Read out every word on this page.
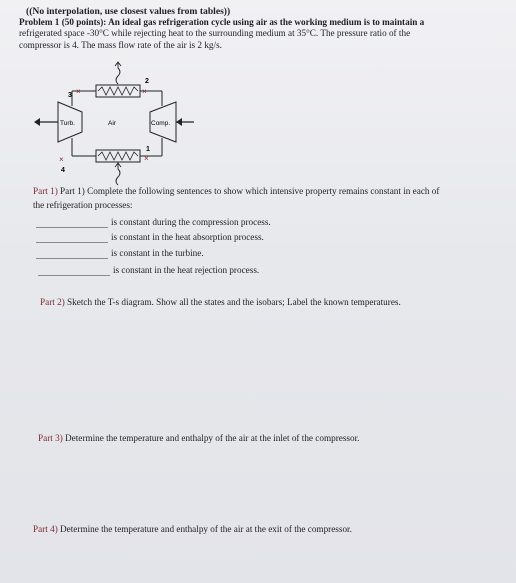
((No interpolation, use closest values from tables))
Problem 1 (50 points): An ideal gas refrigeration cycle using air as the working medium is to maintain a
refrigerated space -30°C while rejecting heat to the surrounding medium at 35°C. The pressure ratio of the
compressor is 4. The mass flow rate of the air is 2 kg/s.
3 ×
2
×
Turb.	Comp.
Air
×
4
×
1
Part 1) Part 1) Complete the following sentences to show which intensive property remains constant in each of
the refrigeration processes:
is constant during the compression process.
is constant in the heat absorption process.
is constant in the turbine.
is constant in the heat rejection process.
Part 2) Sketch the T-s diagram. Show all the states and the isobars; Label the known temperatures.
Part 3) Determine the temperature and enthalpy of the air at the inlet of the compressor.
Part 4) Determine the temperature and enthalpy of the air at the exit of the compressor.
